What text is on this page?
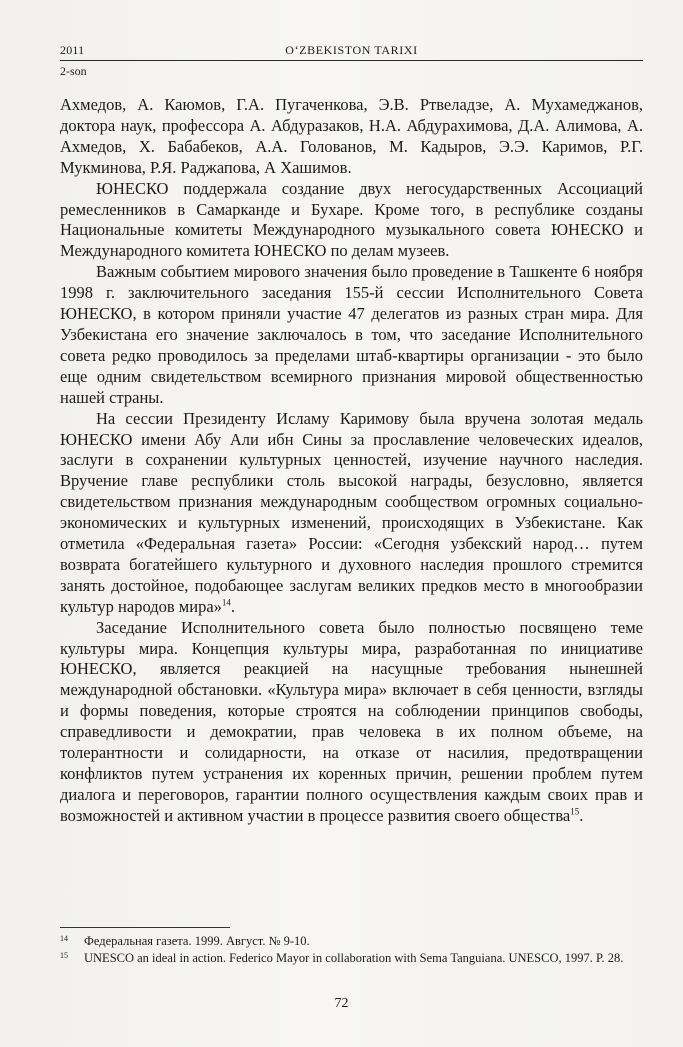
2011	O‘ZBEKISTON TARIXI
2-son

Ахмедов, А. Каюмов, Г.А. Пугаченкова, Э.В. Ртвеладзе, А. Мухамеджанов, доктора наук, профессора А. Абдуразаков, Н.А. Абдурахимова, Д.А. Алимова, А. Ахмедов, Х. Бабабеков, А.А. Голованов, М. Кадыров, Э.Э. Каримов, Р.Г. Мукминова, Р.Я. Раджапова, А Хашимов.

ЮНЕСКО поддержала создание двух негосударственных Ассоциаций ремесленников в Самарканде и Бухаре. Кроме того, в республике созданы Национальные комитеты Международного музыкального совета ЮНЕСКО и Международного комитета ЮНЕСКО по делам музеев.

Важным событием мирового значения было проведение в Ташкенте 6 ноября 1998 г. заключительного заседания 155-й сессии Исполнительного Совета ЮНЕСКО, в котором приняли участие 47 делегатов из разных стран мира. Для Узбекистана его значение заключалось в том, что заседание Исполнительного совета редко проводилось за пределами штаб-квартиры организации - это было еще одним свидетельством всемирного признания мировой общественностью нашей страны.

На сессии Президенту Исламу Каримову была вручена золотая медаль ЮНЕСКО имени Абу Али ибн Сины за прославление человеческих идеалов, заслуги в сохранении культурных ценностей, изучение научного наследия. Вручение главе республики столь высокой награды, безусловно, является свидетельством признания международным сообществом огромных социально-экономических и культурных изменений, происходящих в Узбекистане. Как отметила «Федеральная газета» России: «Сегодня узбекский народ… путем возврата богатейшего культурного и духовного наследия прошлого стремится занять достойное, подобающее заслугам великих предков место в многообразии культур народов мира»$^{14}$.

Заседание Исполнительного совета было полностью посвящено теме культуры мира. Концепция культуры мира, разработанная по инициативе ЮНЕСКО, является реакцией на насущные требования нынешней международной обстановки. «Культура мира» включает в себя ценности, взгляды и формы поведения, которые строятся на соблюдении принципов свободы, справедливости и демократии, прав человека в их полном объеме, на толерантности и солидарности, на отказе от насилия, предотвращении конфликтов путем устранения их коренных причин, решении проблем путем диалога и переговоров, гарантии полного осуществления каждым своих прав и возможностей и активном участии в процессе развития своего общества$^{15}$.

14 Федеральная газета. 1999. Август. № 9-10.

15 UNESCO an ideal in action. Federico Mayor in collaboration with Sema Tanguiana. UNESCO, 1997. P. 28.

72
